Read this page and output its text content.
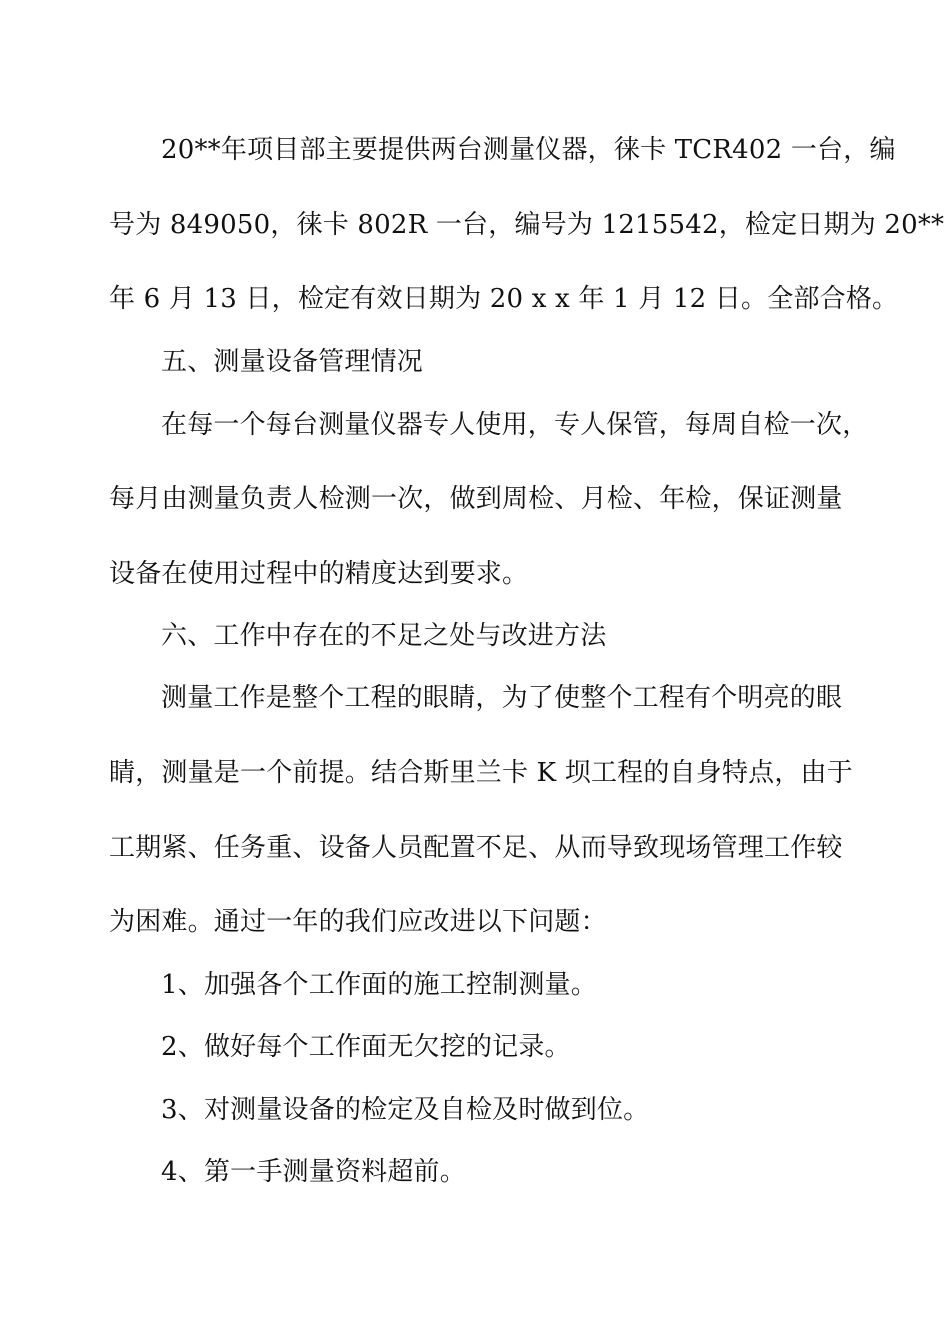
20**年项目部主要提供两台测量仪器，徕卡 TCR402 一台，编
号为 849050，徕卡 802R 一台，编号为 1215542，检定日期为 20**
年 6 月 13 日，检定有效日期为 20 x x 年 1 月 12 日。全部合格。
五、测量设备管理情况
在每一个每台测量仪器专人使用，专人保管，每周自检一次，
每月由测量负责人检测一次，做到周检、月检、年检，保证测量
设备在使用过程中的精度达到要求。
六、工作中存在的不足之处与改进方法
测量工作是整个工程的眼睛，为了使整个工程有个明亮的眼
睛，测量是一个前提。结合斯里兰卡 K 坝工程的自身特点，由于
工期紧、任务重、设备人员配置不足、从而导致现场管理工作较
为困难。通过一年的我们应改进以下问题：
1、加强各个工作面的施工控制测量。
2、做好每个工作面无欠挖的记录。
3、对测量设备的检定及自检及时做到位。
4、第一手测量资料超前。
